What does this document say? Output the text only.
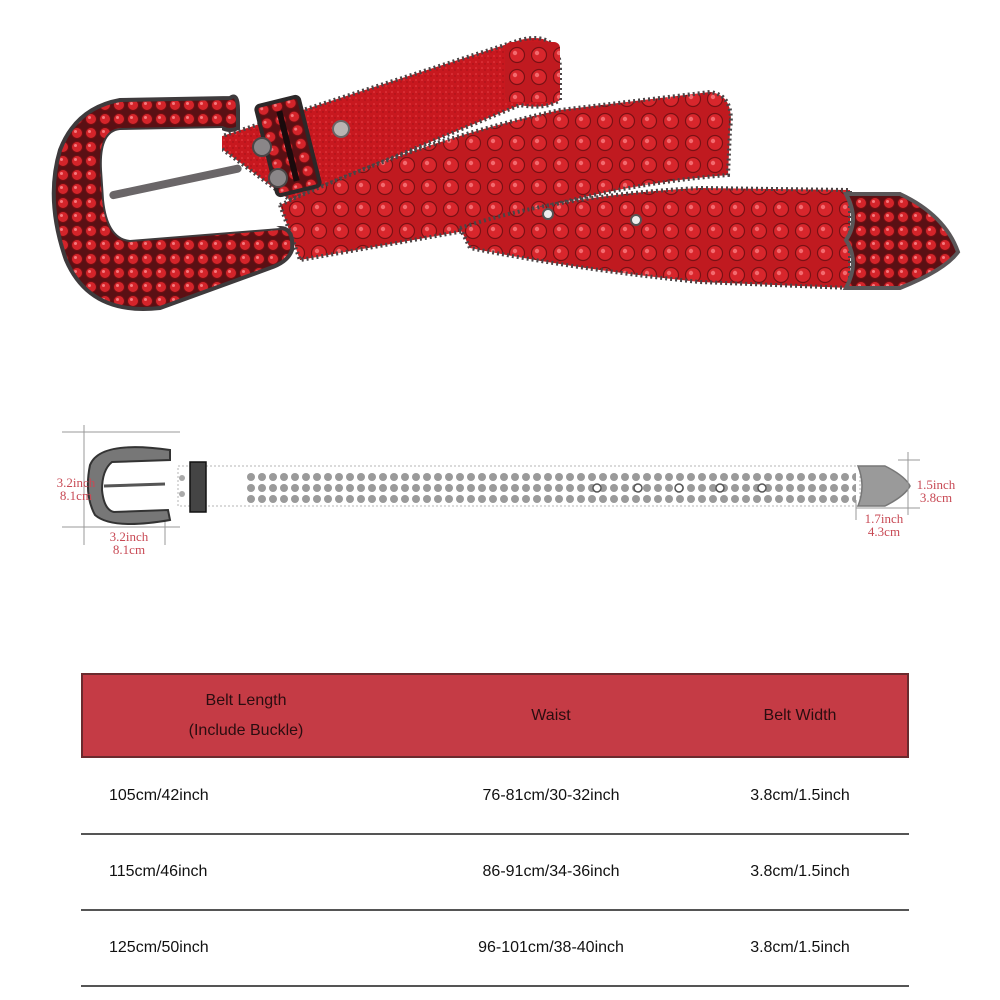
3.2inch
8.1cm
3.2inch
8.1cm
1.5inch
3.8cm
1.7inch
4.3cm
Belt Length
(Include Buckle)	Waist	Belt Width
105cm/42inch	76-81cm/30-32inch	3.8cm/1.5inch
115cm/46inch	86-91cm/34-36inch	3.8cm/1.5inch
125cm/50inch	96-101cm/38-40inch	3.8cm/1.5inch
